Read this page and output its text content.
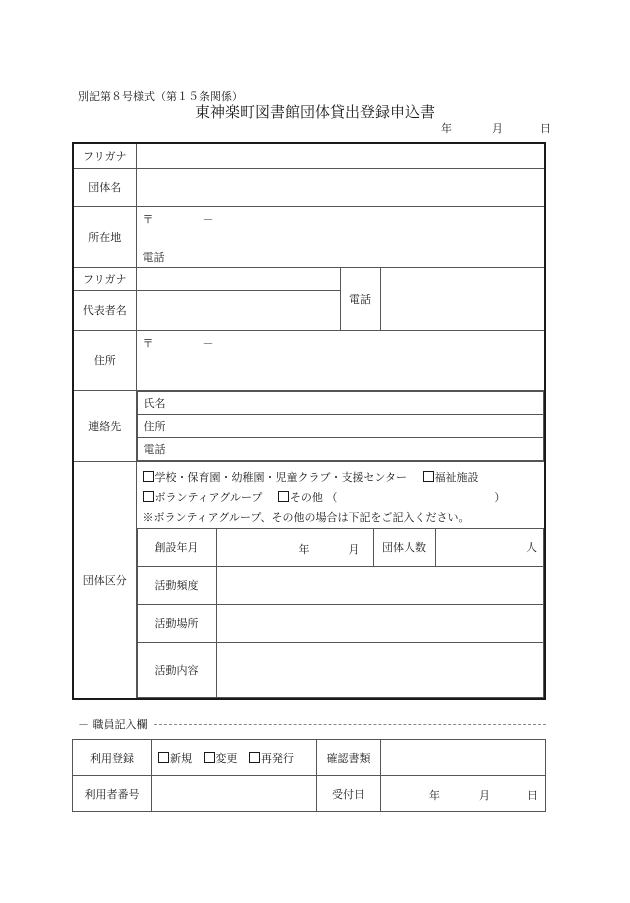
別記第８号様式（第１５条関係）
東神楽町図書館団体貸出登録申込書
年	月	日
フリガナ	
団体名	
所在地	
〒	－
電話

フリガナ		電話	
代表者名	
住所	
〒	－

連絡先	
氏名
住所
電話

団体区分	
学校・保育園・幼稚園・児童クラブ・支援センター	福祉施設
ボランティアグループ	その他 （	）
※ボランティアグループ、その他の場合は下記をご記入ください。
創設年月	年	月	団体人数	人
活動頻度	
活動場所	
活動内容	
－ 職員記入欄
利用登録	新規 変更 再発行	確認書類	
利用者番号		受付日	年 月 日
